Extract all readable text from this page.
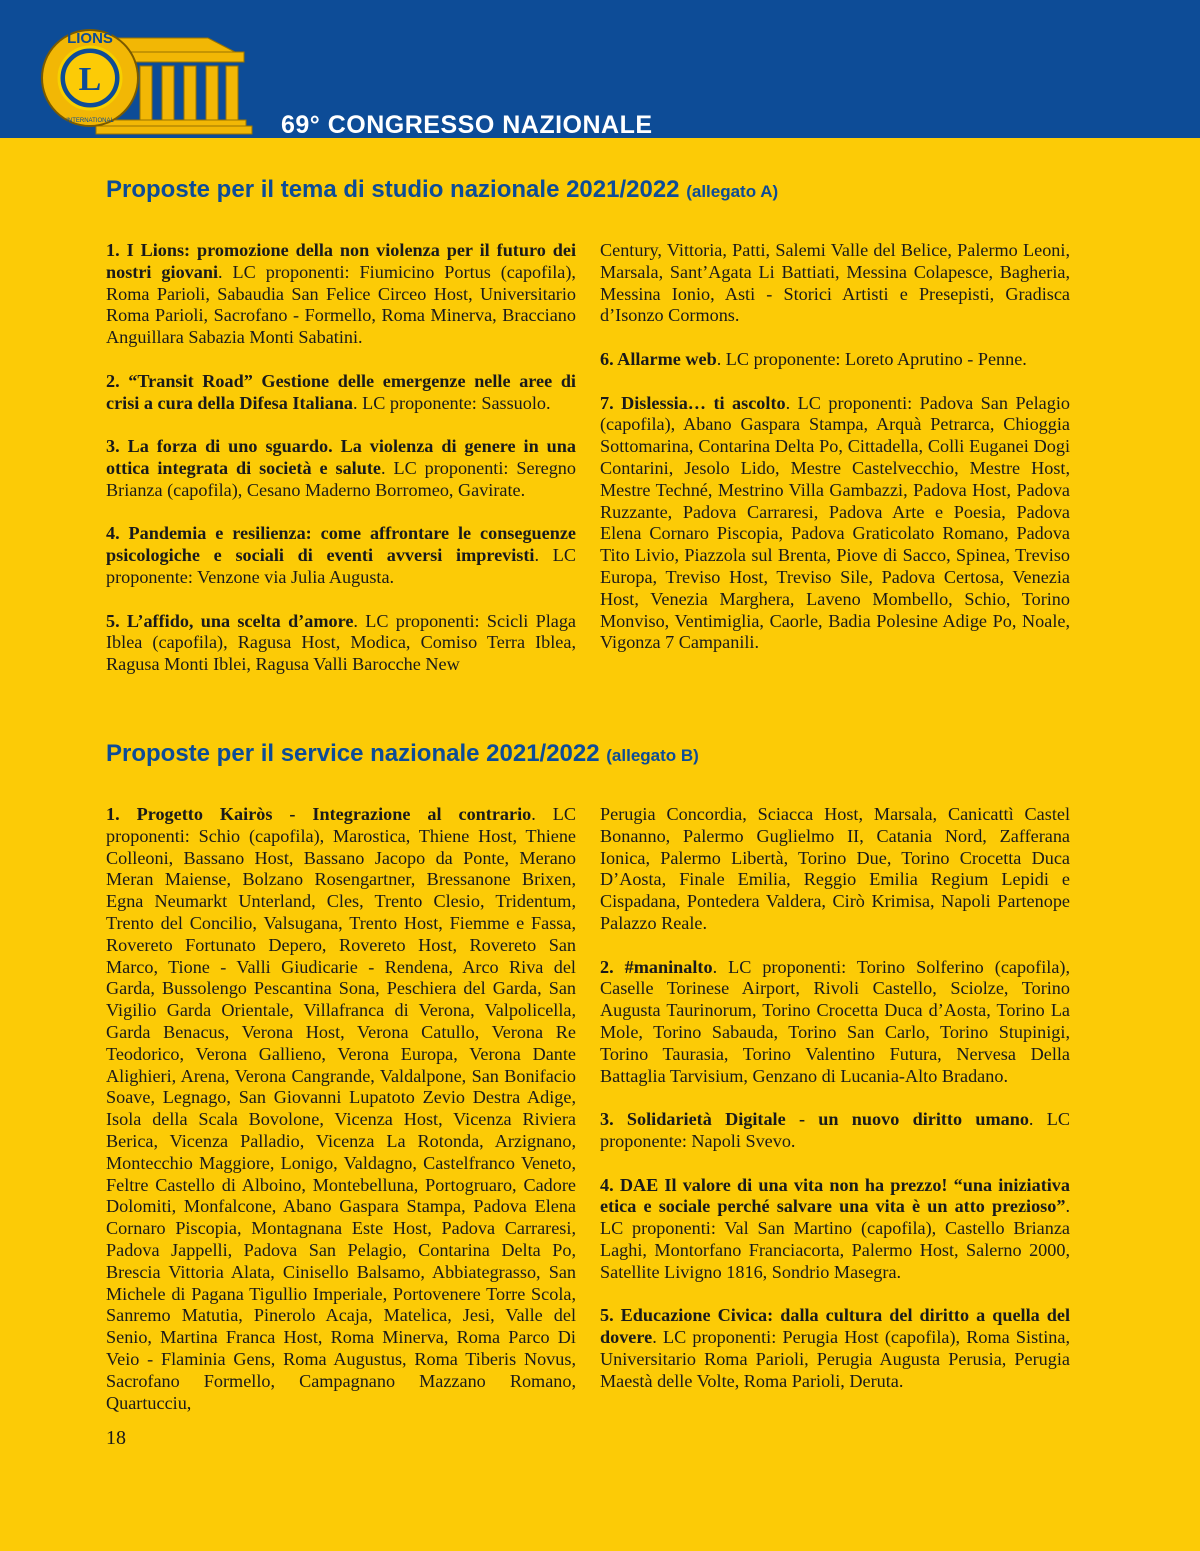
L
LIONS
INTERNATIONAL	69° CONGRESSO NAZIONALE
Proposte per il tema di studio nazionale 2021/2022 (allegato A)

1. I Lions: promozione della non violenza per il futuro dei nostri giovani. LC proponenti: Fiumicino Portus (capofila), Roma Parioli, Sabaudia San Felice Circeo Host, Universitario Roma Parioli, Sacrofano - Formello, Roma Minerva, Bracciano Anguillara Sabazia Monti Sabatini.

2. “Transit Road” Gestione delle emergenze nelle aree di crisi a cura della Difesa Italiana. LC proponente: Sassuolo.

3. La forza di uno sguardo. La violenza di genere in una ottica integrata di società e salute. LC proponenti: Seregno Brianza (capofila), Cesano Maderno Borromeo, Gavirate.

4. Pandemia e resilienza: come affrontare le conseguenze psicologiche e sociali di eventi avversi imprevisti. LC proponente: Venzone via Julia Augusta.

5. L’affido, una scelta d’amore. LC proponenti: Scicli Plaga Iblea (capofila), Ragusa Host, Modica, Comiso Terra Iblea, Ragusa Monti Iblei, Ragusa Valli Barocche New

Century, Vittoria, Patti, Salemi Valle del Belice, Palermo Leoni, Marsala, Sant’Agata Li Battiati, Messina Colapesce, Bagheria, Messina Ionio, Asti - Storici Artisti e Presepisti, Gradisca d’Isonzo Cormons.

6. Allarme web. LC proponente: Loreto Aprutino - Penne.

7. Dislessia… ti ascolto. LC proponenti: Padova San Pelagio (capofila), Abano Gaspara Stampa, Arquà Petrarca, Chioggia Sottomarina, Contarina Delta Po, Cittadella, Colli Euganei Dogi Contarini, Jesolo Lido, Mestre Castelvecchio, Mestre Host, Mestre Techné, Mestrino Villa Gambazzi, Padova Host, Padova Ruzzante, Padova Carraresi, Padova Arte e Poesia, Padova Elena Cornaro Piscopia, Padova Graticolato Romano, Padova Tito Livio, Piazzola sul Brenta, Piove di Sacco, Spinea, Treviso Europa, Treviso Host, Treviso Sile, Padova Certosa, Venezia Host, Venezia Marghera, Laveno Mombello, Schio, Torino Monviso, Ventimiglia, Caorle, Badia Polesine Adige Po, Noale, Vigonza 7 Campanili.

Proposte per il service nazionale 2021/2022 (allegato B)

1. Progetto Kairòs - Integrazione al contrario. LC proponenti: Schio (capofila), Marostica, Thiene Host, Thiene Colleoni, Bassano Host, Bassano Jacopo da Ponte, Merano Meran Maiense, Bolzano Rosengartner, Bressanone Brixen, Egna Neumarkt Unterland, Cles, Trento Clesio, Tridentum, Trento del Concilio, Valsugana, Trento Host, Fiemme e Fassa, Rovereto Fortunato Depero, Rovereto Host, Rovereto San Marco, Tione - Valli Giudicarie - Rendena, Arco Riva del Garda, Bussolengo Pescantina Sona, Peschiera del Garda, San Vigilio Garda Orientale, Villafranca di Verona, Valpolicella, Garda Benacus, Verona Host, Verona Catullo, Verona Re Teodorico, Verona Gallieno, Verona Europa, Verona Dante Alighieri, Arena, Verona Cangrande, Valdalpone, San Bonifacio Soave, Legnago, San Giovanni Lupatoto Zevio Destra Adige, Isola della Scala Bovolone, Vicenza Host, Vicenza Riviera Berica, Vicenza Palladio, Vicenza La Rotonda, Arzignano, Montecchio Maggiore, Lonigo, Valdagno, Castelfranco Veneto, Feltre Castello di Alboino, Montebelluna, Portogruaro, Cadore Dolomiti, Monfalcone, Abano Gaspara Stampa, Padova Elena Cornaro Piscopia, Montagnana Este Host, Padova Carraresi, Padova Jappelli, Padova San Pelagio, Contarina Delta Po, Brescia Vittoria Alata, Cinisello Balsamo, Abbiategrasso, San Michele di Pagana Tigullio Imperiale, Portovenere Torre Scola, Sanremo Matutia, Pinerolo Acaja, Matelica, Jesi, Valle del Senio, Martina Franca Host, Roma Minerva, Roma Parco Di Veio - Flaminia Gens, Roma Augustus, Roma Tiberis Novus, Sacrofano Formello, Campagnano Mazzano Romano, Quartucciu,

Perugia Concordia, Sciacca Host, Marsala, Canicattì Castel Bonanno, Palermo Guglielmo II, Catania Nord, Zafferana Ionica, Palermo Libertà, Torino Due, Torino Crocetta Duca D’Aosta, Finale Emilia, Reggio Emilia Regium Lepidi e Cispadana, Pontedera Valdera, Cirò Krimisa, Napoli Partenope Palazzo Reale.

2. #maninalto. LC proponenti: Torino Solferino (capofila), Caselle Torinese Airport, Rivoli Castello, Sciolze, Torino Augusta Taurinorum, Torino Crocetta Duca d’Aosta, Torino La Mole, Torino Sabauda, Torino San Carlo, Torino Stupinigi, Torino Taurasia, Torino Valentino Futura, Nervesa Della Battaglia Tarvisium, Genzano di Lucania-Alto Bradano.

3. Solidarietà Digitale - un nuovo diritto umano. LC proponente: Napoli Svevo.

4. DAE Il valore di una vita non ha prezzo! “una iniziativa etica e sociale perché salvare una vita è un atto prezioso”. LC proponenti: Val San Martino (capofila), Castello Brianza Laghi, Montorfano Franciacorta, Palermo Host, Salerno 2000, Satellite Livigno 1816, Sondrio Masegra.

5. Educazione Civica: dalla cultura del diritto a quella del dovere. LC proponenti: Perugia Host (capofila), Roma Sistina, Universitario Roma Parioli, Perugia Augusta Perusia, Perugia Maestà delle Volte, Roma Parioli, Deruta.

18
